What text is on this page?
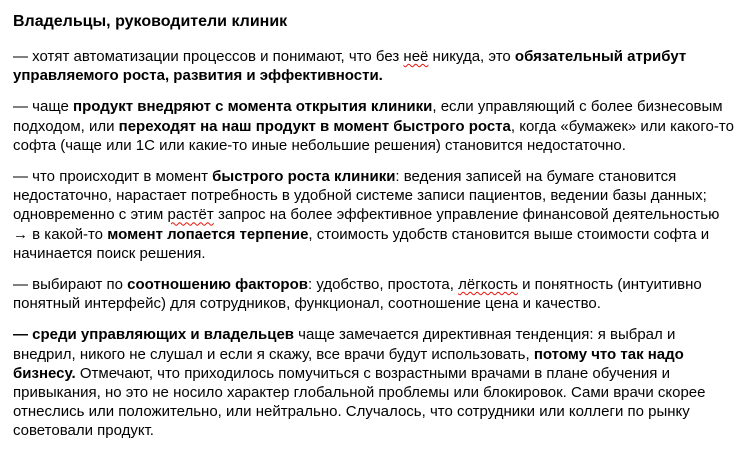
Владельцы, руководители клиник

— хотят автоматизации процессов и понимают, что без неё никуда, это обязательный атрибут управляемого роста, развития и эффективности.

— чаще продукт внедряют с момента открытия клиники, если управляющий с более бизнесовым подходом, или переходят на наш продукт в момент быстрого роста, когда «бумажек» или какого-то софта (чаще или 1С или какие-то иные небольшие решения) становится недостаточно.

— что происходит в момент быстрого роста клиники: ведения записей на бумаге становится недостаточно, нарастает потребность в удобной системе записи пациентов, ведении базы данных; одновременно с этим растёт запрос на более эффективное управление финансовой деятельностью → в какой-то момент лопается терпение, стоимость удобств становится выше стоимости софта и начинается поиск решения.

— выбирают по соотношению факторов: удобство, простота, лёгкость и понятность (интуитивно понятный интерфейс) для сотрудников, функционал, соотношение цена и качество.

— среди управляющих и владельцев чаще замечается директивная тенденция: я выбрал и внедрил, никого не слушал и если я скажу, все врачи будут использовать, потому что так надо бизнесу. Отмечают, что приходилось помучиться с возрастными врачами в плане обучения и привыкания, но это не носило характер глобальной проблемы или блокировок. Сами врачи скорее отнеслись или положительно, или нейтрально. Случалось, что сотрудники или коллеги по рынку советовали продукт.
